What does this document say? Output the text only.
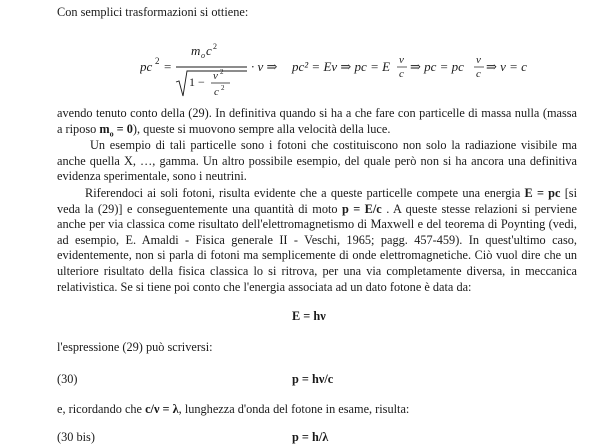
Con semplici trasformazioni si ottiene:
pc 2 =
m o c 2
1 − v 2
c 2
· v ⇒ pc² = Ev ⇒ pc = E v
c ⇒ pc = pc v
c ⇒ v = c

avendo tenuto conto della (29). In definitiva quando si ha a che fare con particelle di massa nulla (massa a riposo $m_o = 0$), queste si muovono sempre alla velocità della luce.

Un esempio di tali particelle sono i fotoni che costituiscono non solo la radiazione visibile ma anche quella X, …, gamma. Un altro possibile esempio, del quale però non si ha ancora una definitiva evidenza sperimentale, sono i neutrini.

Riferendoci ai soli fotoni, risulta evidente che a queste particelle compete una energia E = pc [si veda la (29)] e conseguentemente una quantità di moto p = E/c . A queste stesse relazioni si perviene anche per via classica come risultato dell'elettromagnetismo di Maxwell e del teorema di Poynting (vedi, ad esempio, E. Amaldi - Fisica generale II - Veschi, 1965; pagg. 457-459). In quest'ultimo caso, evidentemente, non si parla di fotoni ma semplicemente di onde elettromagnetiche. Ciò vuol dire che un ulteriore risultato della fisica classica lo si ritrova, per una via completamente diversa, in meccanica relativistica. Se si tiene poi conto che l'energia associata ad un dato fotone è data da:

E = hν
l'espressione (29) può scriversi:
(30)	p = hν/c
e, ricordando che c/ν = λ, lunghezza d'onda del fotone in esame, risulta:
(30 bis)	p = h/λ
